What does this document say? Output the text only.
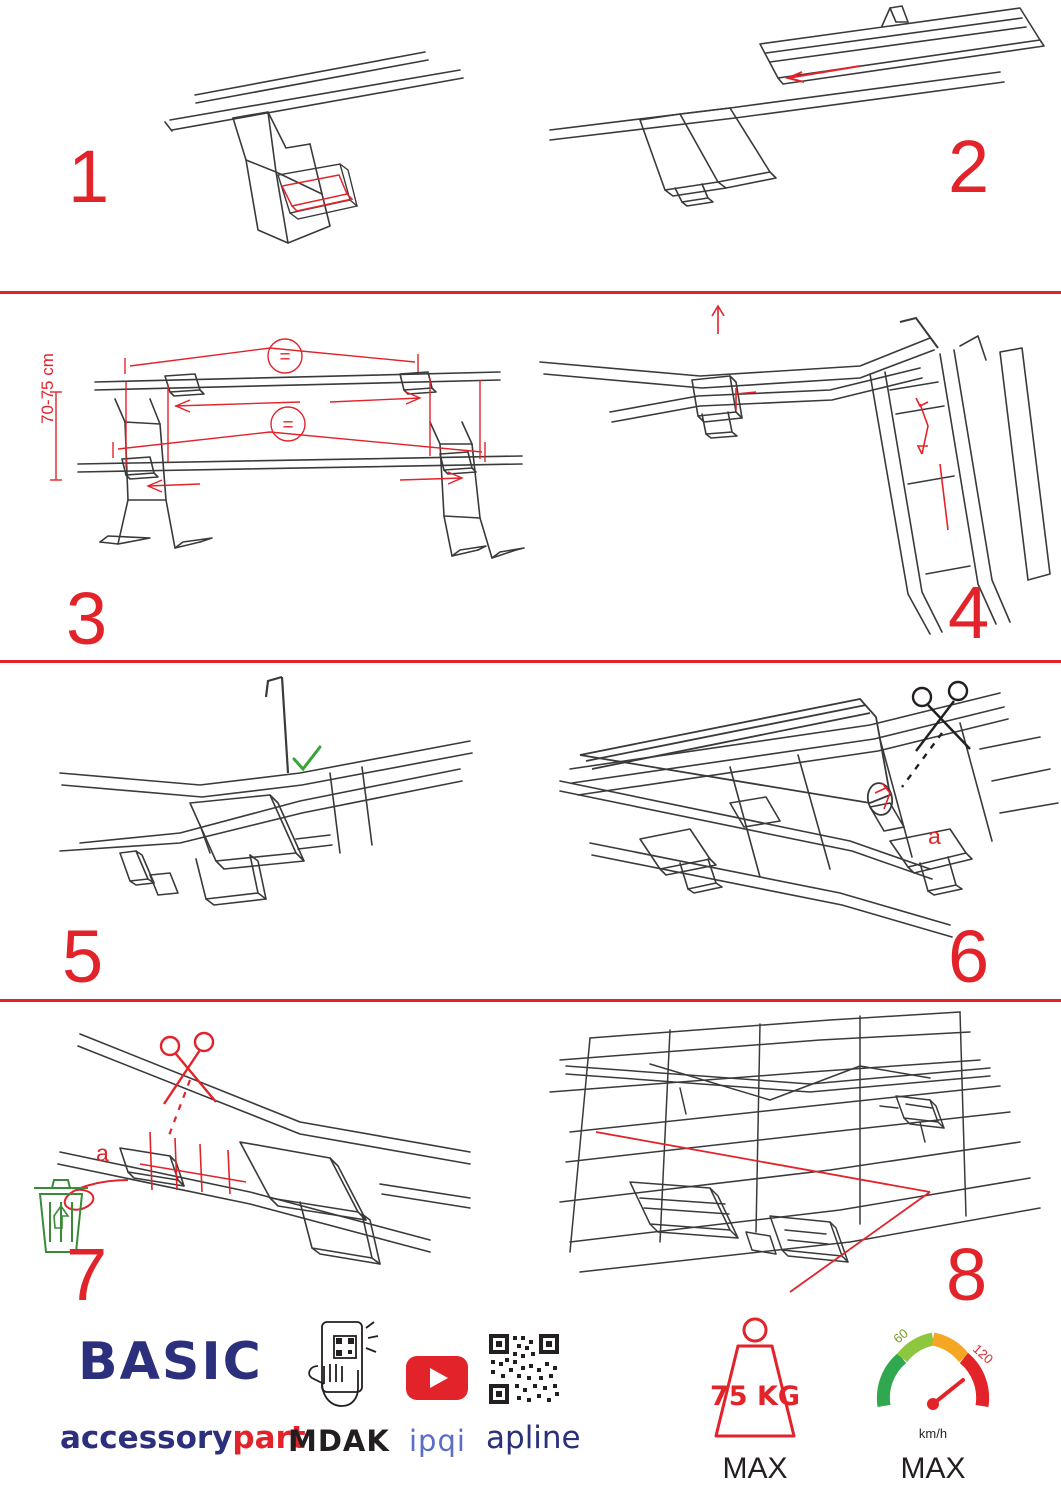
1	2
=
=
70-75 cm
3	4
5
a
6
a
7	8
BASIC
accessorypart
MDAK ipqi apline
75 KG
MAX
60
120
km/h
MAX
